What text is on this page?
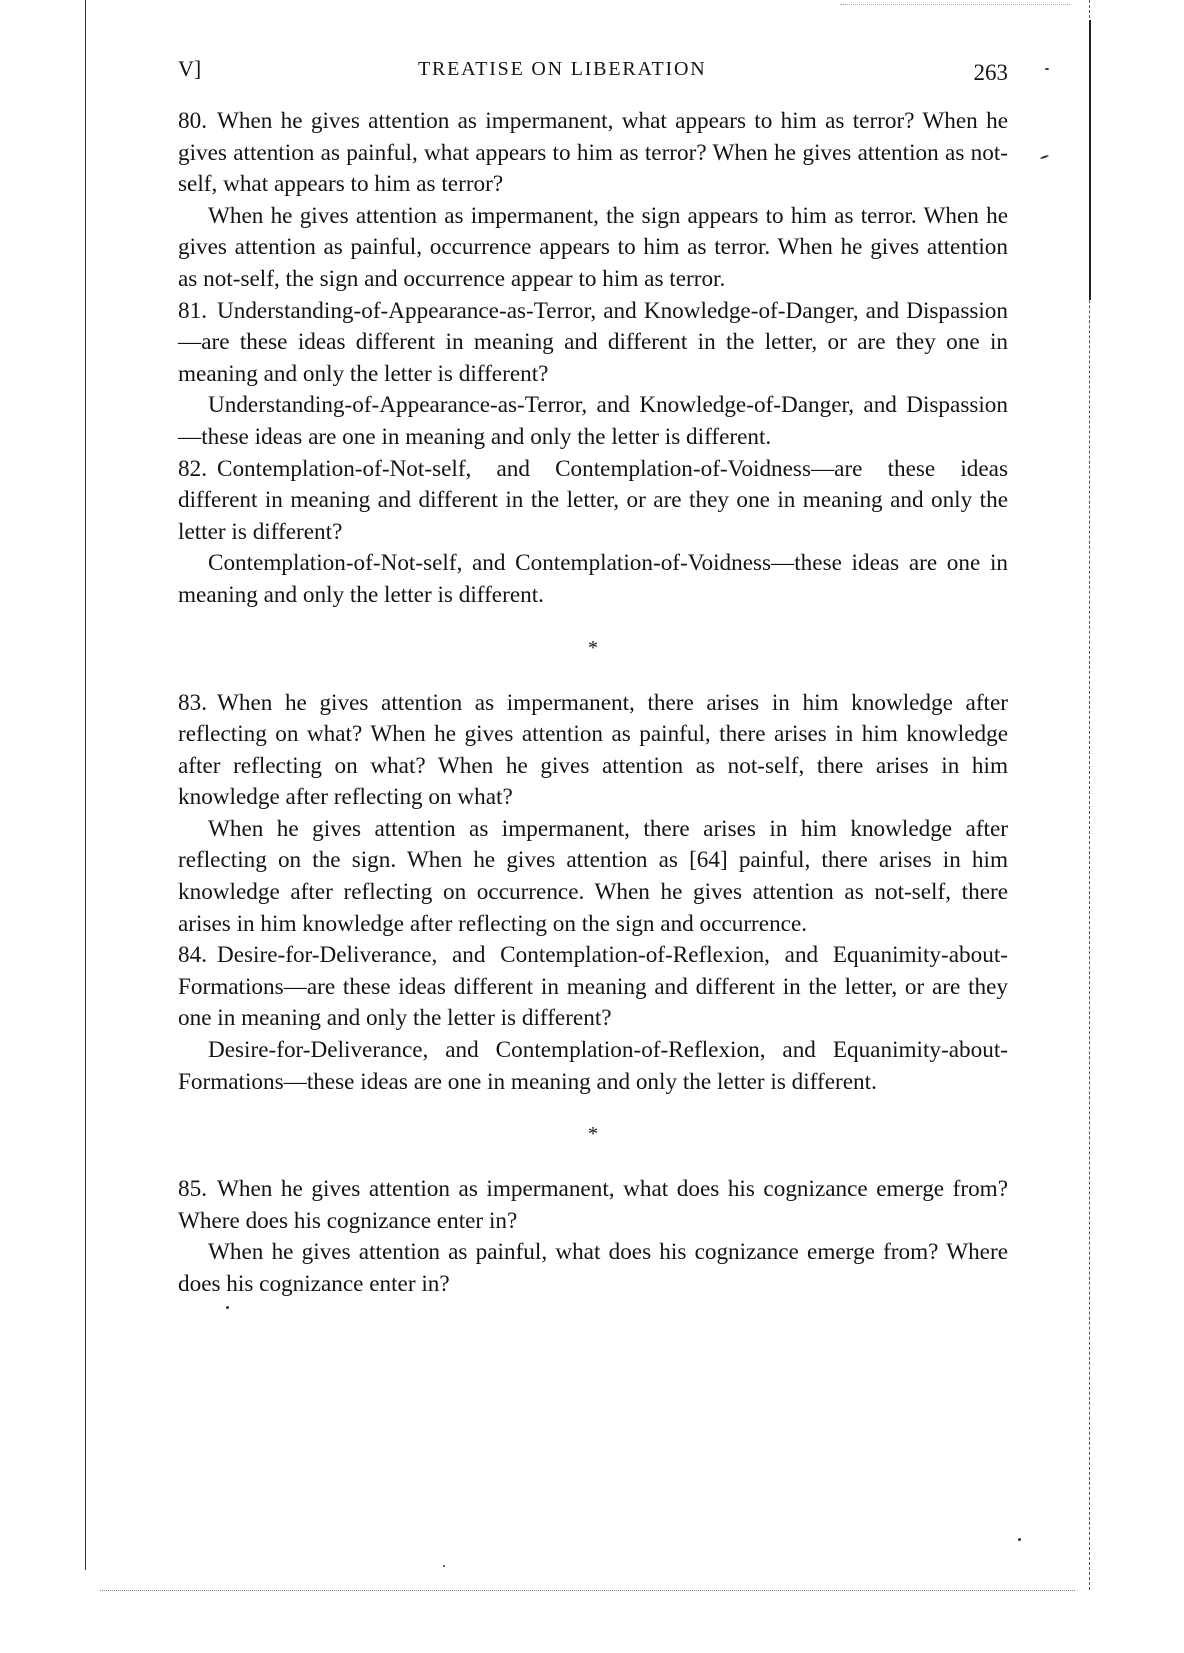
V]	TREATISE ON LIBERATION	263

80. When he gives attention as impermanent, what appears to him as terror? When he gives attention as painful, what appears to him as terror? When he gives attention as not-self, what appears to him as terror?

When he gives attention as impermanent, the sign appears to him as terror. When he gives attention as painful, occurrence appears to him as terror. When he gives attention as not-self, the sign and occurrence appear to him as terror.

81. Understanding-of-Appearance-as-Terror, and Knowledge-of-Danger, and Dispassion—are these ideas different in meaning and different in the letter, or are they one in meaning and only the letter is different?

Understanding-of-Appearance-as-Terror, and Knowledge-of-Danger, and Dispassion—these ideas are one in meaning and only the letter is different.

82. Contemplation-of-Not-self, and Contemplation-of-Voidness—are these ideas different in meaning and different in the letter, or are they one in meaning and only the letter is different?

Contemplation-of-Not-self, and Contemplation-of-Voidness—these ideas are one in meaning and only the letter is different.

*

83. When he gives attention as impermanent, there arises in him knowledge after reflecting on what? When he gives attention as painful, there arises in him knowledge after reflecting on what? When he gives attention as not-self, there arises in him knowledge after reflecting on what?

When he gives attention as impermanent, there arises in him knowledge after reflecting on the sign. When he gives attention as [64] painful, there arises in him knowledge after reflecting on occurrence. When he gives attention as not-self, there arises in him knowledge after reflecting on the sign and occurrence.

84. Desire-for-Deliverance, and Contemplation-of-Reflexion, and Equanimity-about-Formations—are these ideas different in meaning and different in the letter, or are they one in meaning and only the letter is different?

Desire-for-Deliverance, and Contemplation-of-Reflexion, and Equanimity-about-Formations—these ideas are one in meaning and only the letter is different.

*

85. When he gives attention as impermanent, what does his cognizance emerge from? Where does his cognizance enter in?

When he gives attention as painful, what does his cognizance emerge from? Where does his cognizance enter in?
